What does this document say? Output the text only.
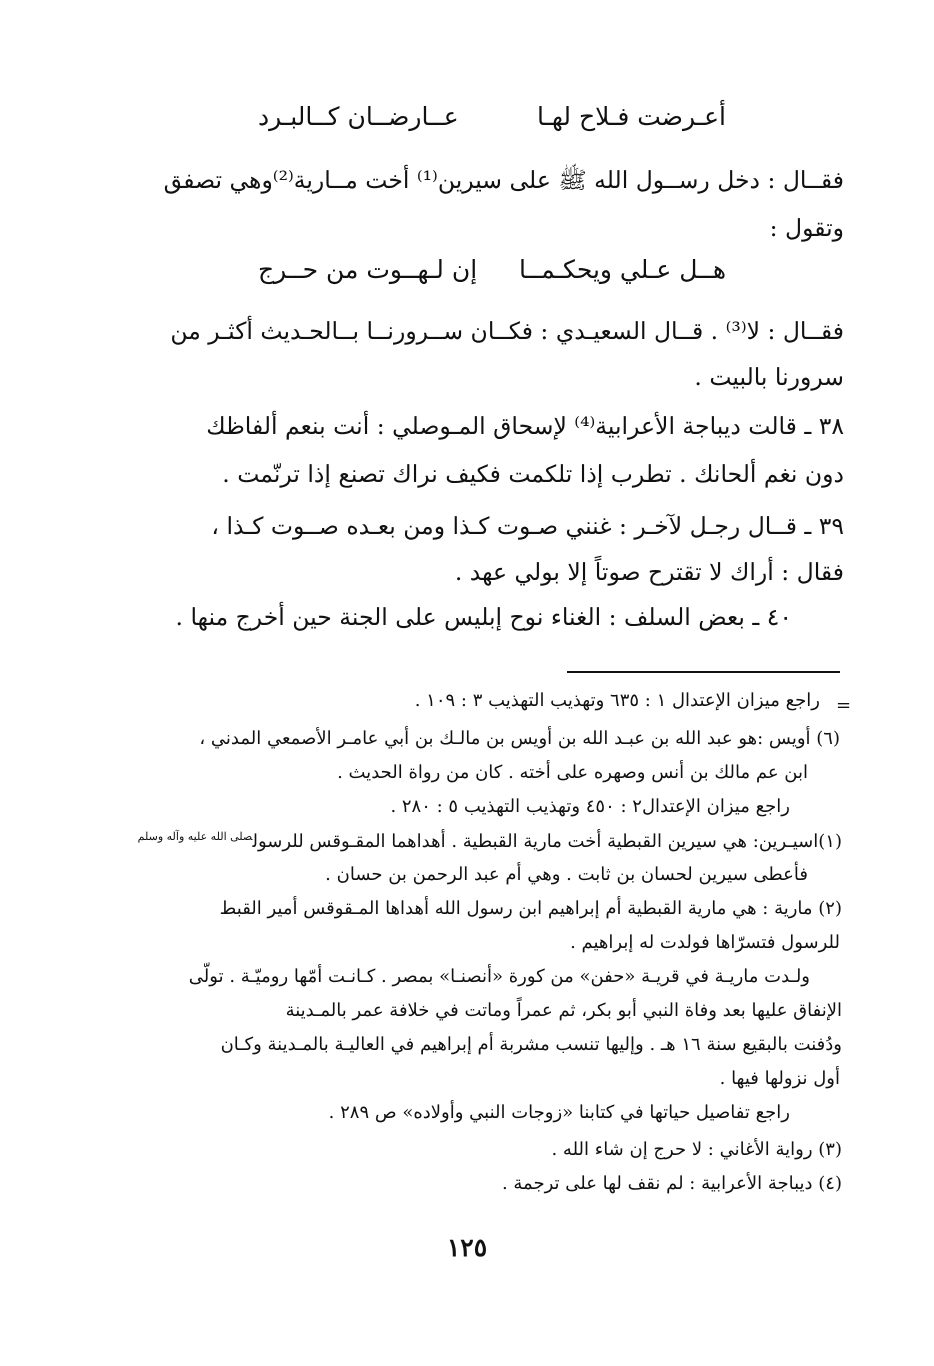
أعـرضت فـلاح لهـا
عــارضــان كــالبـرد
فقــال : دخل رســول الله ﷺ على سيرين⁽¹⁾ أخت مــارية⁽²⁾وهي تصفق
وتقول :
هــل عـلي ويحكـمــا
إن لـهــوت من حــرج
فقــال : لا⁽³⁾ . قــال السعيـدي : فكــان ســرورنــا بــالحـديث أكثـر من
سرورنا بالبيت .
٣٨ ـ قالت ديباجة الأعرابية⁽⁴⁾ لإسحاق المـوصلي : أنت بنعم ألفاظك
دون نغم ألحانك . تطرب إذا تلكمت فكيف نراك تصنع إذا ترنّمت .
٣٩ ـ قــال رجـل لآخـر : غنني صـوت كـذا ومن بعـده صــوت كـذا ،
فقال : أراك لا تقترح صوتاً إلا بولي عهد .
٤٠ ـ بعض السلف : الغناء نوح إبليس على الجنة حين أخرج منها .
=
راجع ميزان الإعتدال ١ : ٦٣٥ وتهذيب التهذيب ٣ : ١٠٩ .
(٦) أويس :هو عبد الله بن عبـد الله بن أويس بن مالـك بن أبي عامـر الأصمعي المدني ،
ابن عم مالك بن أنس وصهره على أخته . كان من رواة الحديث .
راجع ميزان الإعتدال٢ : ٤٥٠ وتهذيب التهذيب ٥ : ٢٨٠ .
(١)اسيـرين: هي سيرين القبطية أخت مارية القبطية . أهداهما المقـوقس للرسول$^{صلى الله عليه وآله وسلم}$
فأعطى سيرين لحسان بن ثابت . وهي أم عبد الرحمن بن حسان .
(٢) مارية : هي مارية القبطية أم إبراهيم ابن رسول الله أهداها المـقوقس أمير القبط
للرسول فتسرّاها فولدت له إبراهيم .
ولـدت ماريـة في قريـة «حفن» من كورة «أنصنـا» بمصر . كـانـت أمّها روميّـة . تولّى
الإنفاق عليها بعد وفاة النبي أبو بكر، ثم عمراً وماتت في خلافة عمر بالمـدينة
ودُفنت بالبقيع سنة ١٦ هـ . وإليها تنسب مشربة أم إبراهيم في العاليـة بالمـدينة وكـان
أول نزولها فيها .
راجع تفاصيل حياتها في كتابنا «زوجات النبي وأولاده» ص ٢٨٩ .
(٣) رواية الأغاني : لا حرج إن شاء الله .
(٤) ديباجة الأعرابية : لم نقف لها على ترجمة .
١٢٥
